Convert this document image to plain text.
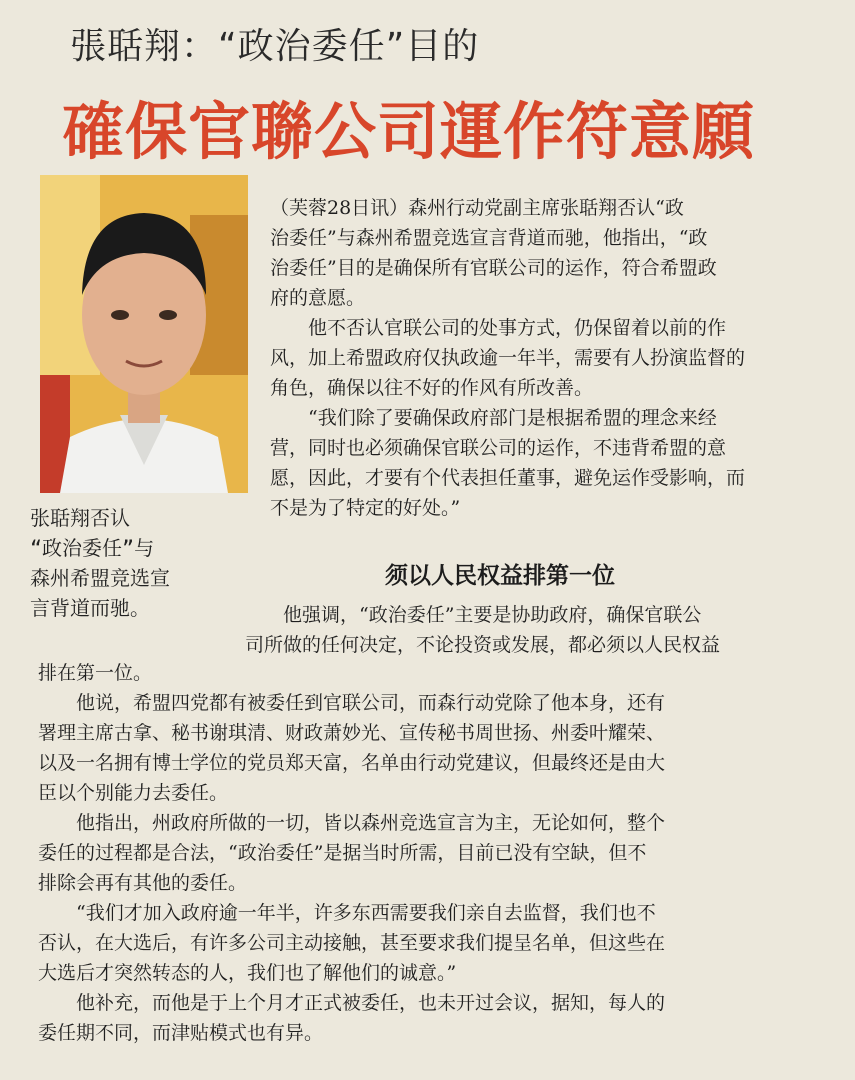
張聒翔：“政治委任”目的
確保官聯公司運作符意願
张聒翔否认
“政治委任”与
森州希盟竞选宣
言背道而驰。
（芙蓉28日讯）森州行动党副主席张聒翔否认“政
治委任”与森州希盟竞选宣言背道而驰，他指出，“政
治委任”目的是确保所有官联公司的运作，符合希盟政
府的意愿。
　　他不否认官联公司的处事方式，仍保留着以前的作
风，加上希盟政府仅执政逾一年半，需要有人扮演监督的
角色，确保以往不好的作风有所改善。
　　“我们除了要确保政府部门是根据希盟的理念来经
营，同时也必须确保官联公司的运作，不违背希盟的意
愿，因此，才要有个代表担任董事，避免运作受影响，而
不是为了特定的好处。”
须以人民权益排第一位
　　他强调，“政治委任”主要是协助政府，确保官联公
司所做的任何决定，不论投资或发展，都必须以人民权益
排在第一位。
　　他说，希盟四党都有被委任到官联公司，而森行动党除了他本身，还有
署理主席古拿、秘书谢琪清、财政萧妙光、宣传秘书周世扬、州委叶耀荣、
以及一名拥有博士学位的党员郑天富，名单由行动党建议，但最终还是由大
臣以个别能力去委任。
　　他指出，州政府所做的一切，皆以森州竞选宣言为主，无论如何，整个
委任的过程都是合法，“政治委任”是据当时所需，目前已没有空缺，但不
排除会再有其他的委任。
　　“我们才加入政府逾一年半，许多东西需要我们亲自去监督，我们也不
否认，在大选后，有许多公司主动接触，甚至要求我们提呈名单，但这些在
大选后才突然转态的人，我们也了解他们的诚意。”
　　他补充，而他是于上个月才正式被委任，也未开过会议，据知，每人的
委任期不同，而津贴模式也有异。
